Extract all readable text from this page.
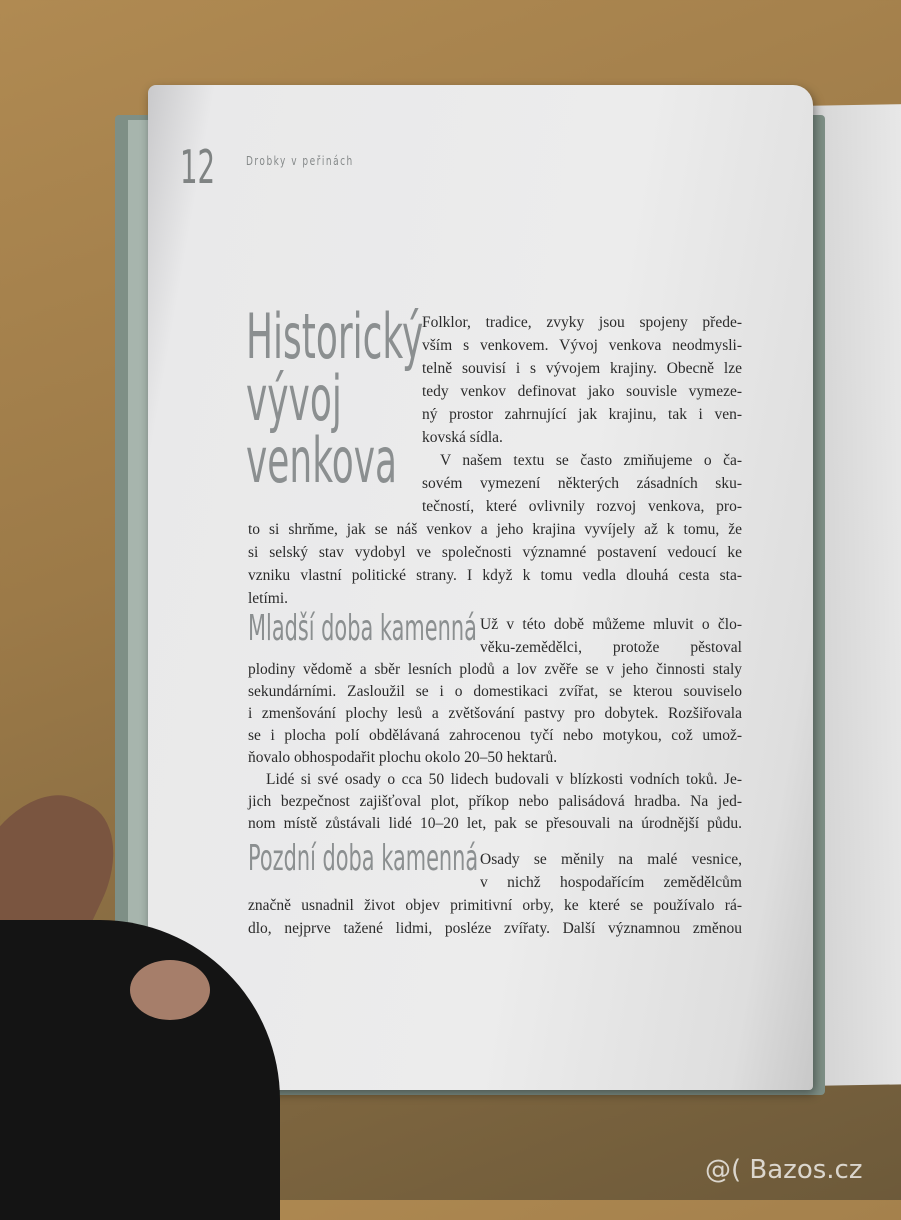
12	Drobky v peřinách
Historický
vývoj
venkova
Folklor, tradice, zvyky jsou spojeny přede-
vším s venkovem. Vývoj venkova neodmysli-
telně souvisí i s vývojem krajiny. Obecně lze
tedy venkov definovat jako souvisle vymeze-
ný prostor zahrnující jak krajinu, tak i ven-
kovská sídla.
V našem textu se často zmiňujeme o ča-
sovém vymezení některých zásadních sku-
tečností, které ovlivnily rozvoj venkova, pro-
to si shrňme, jak se náš venkov a jeho krajina vyvíjely až k tomu, že
si selský stav vydobyl ve společnosti významné postavení vedoucí ke
vzniku vlastní politické strany. I když k tomu vedla dlouhá cesta sta-
letími.
Mladší doba kamenná Už v této době můžeme mluvit o člo-
věku-zemědělci, protože pěstoval
plodiny vědomě a sběr lesních plodů a lov zvěře se v jeho činnosti staly
sekundárními. Zasloužil se i o domestikaci zvířat, se kterou souviselo
i zmenšování plochy lesů a zvětšování pastvy pro dobytek. Rozšiřovala
se i plocha polí obdělávaná zahrocenou tyčí nebo motykou, což umož-
ňovalo obhospodařit plochu okolo 20–50 hektarů.
Lidé si své osady o cca 50 lidech budovali v blízkosti vodních toků. Je-
jich bezpečnost zajišťoval plot, příkop nebo palisádová hradba. Na jed-
nom místě zůstávali lidé 10–20 let, pak se přesouvali na úrodnější půdu.
Pozdní doba kamenná Osady se měnily na malé vesnice,
v nichž hospodařícím zemědělcům
značně usnadnil život objev primitivní orby, ke které se používalo rá-
dlo, nejprve tažené lidmi, posléze zvířaty. Další významnou změnou
@( Bazos.cz
